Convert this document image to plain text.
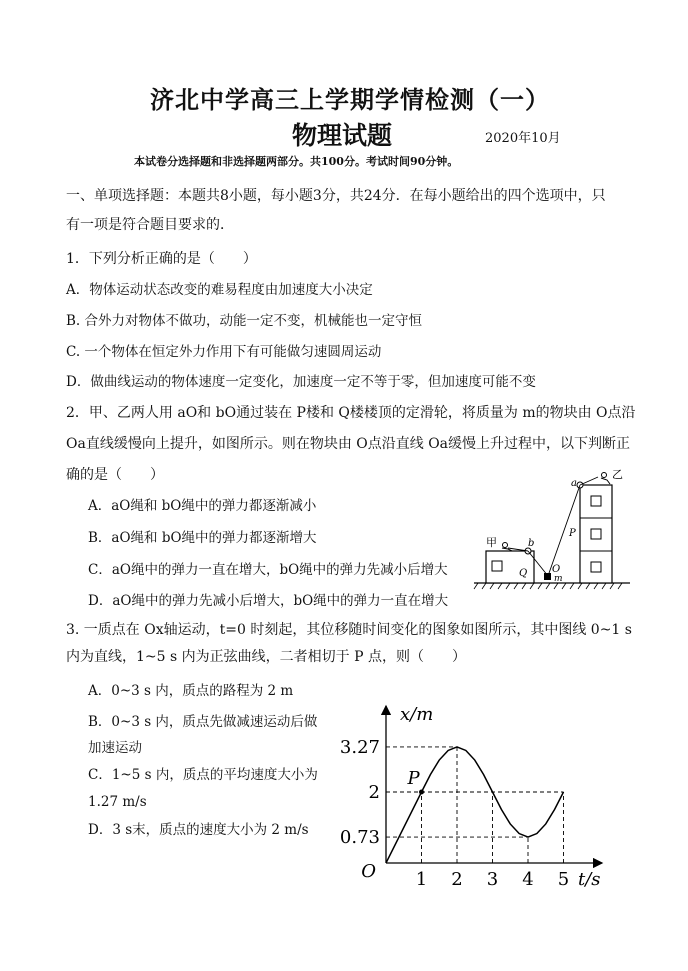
济北中学高三上学期学情检测（一）
物理试题	2020年10月
本试卷分选择题和非选择题两部分。共100分。考试时间90分钟。
一、单项选择题：本题共8小题，每小题3分，共24分．在每小题给出的四个选项中，只
有一项是符合题目要求的．
1．下列分析正确的是（　　）
A．物体运动状态改变的难易程度由加速度大小决定
B. 合外力对物体不做功，动能一定不变，机械能也一定守恒
C. 一个物体在恒定外力作用下有可能做匀速圆周运动
D．做曲线运动的物体速度一定变化，加速度一定不等于零，但加速度可能不变
2．甲、乙两人用 aO和 bO通过装在 P楼和 Q楼楼顶的定滑轮，将质量为 m的物块由 O点沿
Oa直线缓慢向上提升，如图所示。则在物块由 O点沿直线 Oa缓慢上升过程中，以下判断正
确的是（　　）
A．aO绳和 bO绳中的弹力都逐渐减小
B．aO绳和 bO绳中的弹力都逐渐增大
C．aO绳中的弹力一直在增大，bO绳中的弹力先减小后增大
D．aO绳中的弹力先减小后增大，bO绳中的弹力一直在增大
乙
甲
a
b
P
Q O
m
3. 一质点在 Ox轴运动，t=0 时刻起，其位移随时间变化的图象如图所示，其中图线 0~1 s
内为直线，1~5 s 内为正弦曲线，二者相切于 P 点，则（　　）
A．0~3 s 内，质点的路程为 2 m
B．0~3 s 内，质点先做减速运动后做
加速运动
C．1~5 s 内，质点的平均速度大小为
1.27 m/s
D．3 s末，质点的速度大小为 2 m/s
1 2 3 4 5
0.73
2
3.27
O	t/s
x/m
P
